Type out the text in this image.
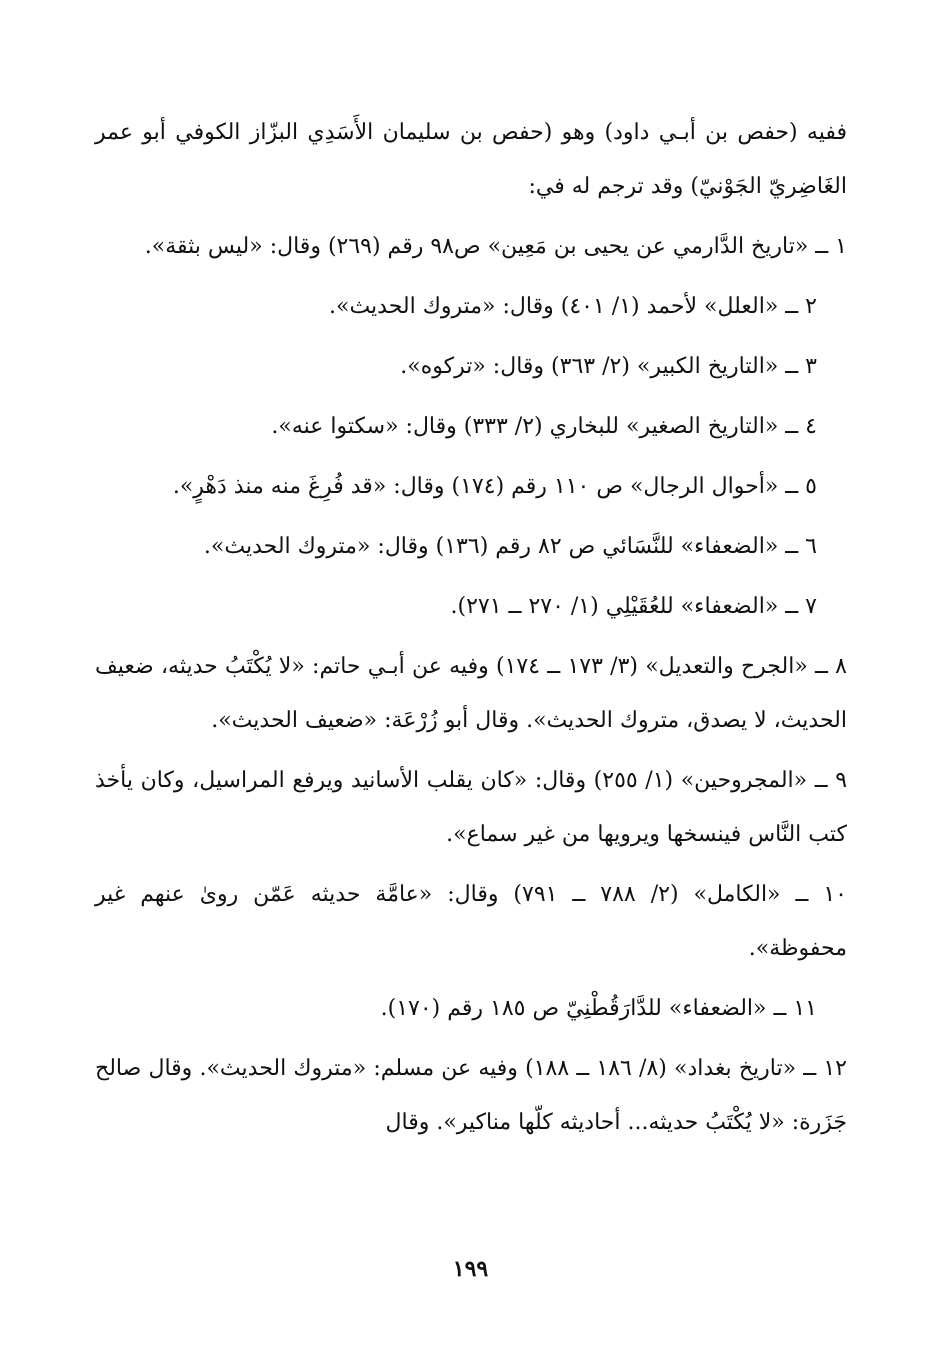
ففيه (حفص بن أبـي داود) وهو (حفص بن سليمان الأَسَدِي البزّاز الكوفي أبو عمر الغَاضِريّ الجَوْنيّ) وقد ترجم له في:

١ ــ «تاريخ الدَّارمي عن يحيى بن مَعِين» ص٩٨ رقم (٢٦٩) وقال: «ليس بثقة».

٢ ــ «العلل» لأحمد (١/ ٤٠١) وقال: «متروك الحديث».

٣ ــ «التاريخ الكبير» (٢/ ٣٦٣) وقال: «تركوه».

٤ ــ «التاريخ الصغير» للبخاري (٢/ ٣٣٣) وقال: «سكتوا عنه».

٥ ــ «أحوال الرجال» ص ١١٠ رقم (١٧٤) وقال: «قد فُرِغَ منه منذ دَهْرٍ».

٦ ــ «الضعفاء» للنَّسَائي ص ٨٢ رقم (١٣٦) وقال: «متروك الحديث».

٧ ــ «الضعفاء» للعُقَيْلِي (١/ ٢٧٠ ــ ٢٧١).

٨ ــ «الجرح والتعديل» (٣/ ١٧٣ ــ ١٧٤) وفيه عن أبـي حاتم: «لا يُكْتَبُ حديثه، ضعيف الحديث، لا يصدق، متروك الحديث». وقال أبو زُرْعَة: «ضعيف الحديث».

٩ ــ «المجروحين» (١/ ٢٥٥) وقال: «كان يقلب الأسانيد ويرفع المراسيل، وكان يأخذ كتب النَّاس فينسخها ويرويها من غير سماع».

١٠ ــ «الكامل» (٢/ ٧٨٨ ــ ٧٩١) وقال: «عامَّة حديثه عَمّن روىٰ عنهم غير محفوظة».

١١ ــ «الضعفاء» للدَّارَقُطْنِيّ ص ١٨٥ رقم (١٧٠).

١٢ ــ «تاريخ بغداد» (٨/ ١٨٦ ــ ١٨٨) وفيه عن مسلم: «متروك الحديث». وقال صالح جَزَرة: «لا يُكْتَبُ حديثه... أحاديثه كلّها مناكير». وقال

١٩٩
